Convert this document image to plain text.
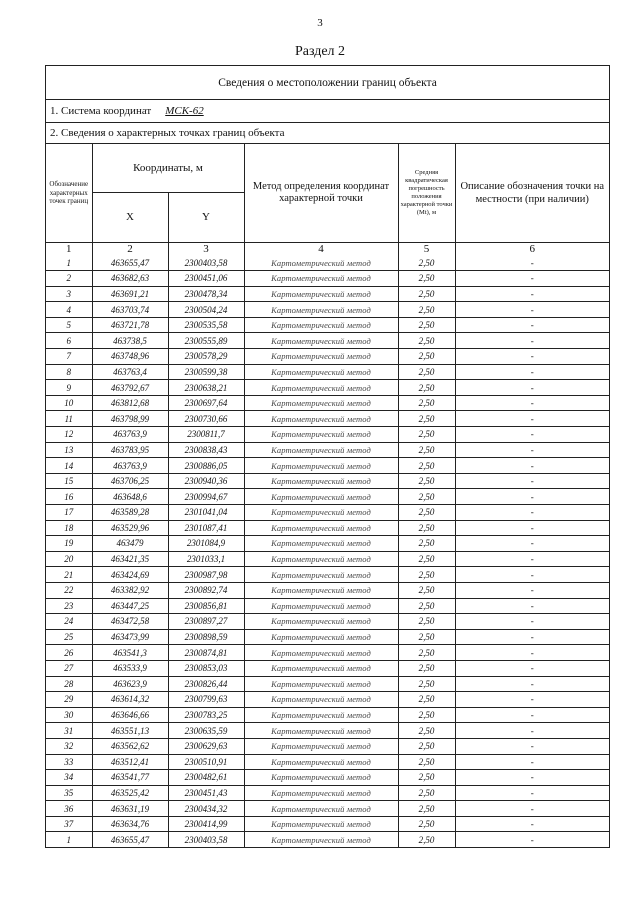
3
Раздел 2
Сведения о местоположении границ объекта
1. Система координат МСК-62
2. Сведения о характерных точках границ объекта
Обозначение характерных точек границ	Координаты, м		Метод определения координат характерной точки	Средняя квадратическая погрешность положения характерной точки (Mt), м	Описание обозначения точки на местности (при наличии)
	X	Y			
1	2	3	4	5	6
1	463655,47	2300403,58	Картометрический метод	2,50	-
2	463682,63	2300451,06	Картометрический метод	2,50	-
3	463691,21	2300478,34	Картометрический метод	2,50	-
4	463703,74	2300504,24	Картометрический метод	2,50	-
5	463721,78	2300535,58	Картометрический метод	2,50	-
6	463738,5	2300555,89	Картометрический метод	2,50	-
7	463748,96	2300578,29	Картометрический метод	2,50	-
8	463763,4	2300599,38	Картометрический метод	2,50	-
9	463792,67	2300638,21	Картометрический метод	2,50	-
10	463812,68	2300697,64	Картометрический метод	2,50	-
11	463798,99	2300730,66	Картометрический метод	2,50	-
12	463763,9	2300811,7	Картометрический метод	2,50	-
13	463783,95	2300838,43	Картометрический метод	2,50	-
14	463763,9	2300886,05	Картометрический метод	2,50	-
15	463706,25	2300940,36	Картометрический метод	2,50	-
16	463648,6	2300994,67	Картометрический метод	2,50	-
17	463589,28	2301041,04	Картометрический метод	2,50	-
18	463529,96	2301087,41	Картометрический метод	2,50	-
19	463479	2301084,9	Картометрический метод	2,50	-
20	463421,35	2301033,1	Картометрический метод	2,50	-
21	463424,69	2300987,98	Картометрический метод	2,50	-
22	463382,92	2300892,74	Картометрический метод	2,50	-
23	463447,25	2300856,81	Картометрический метод	2,50	-
24	463472,58	2300897,27	Картометрический метод	2,50	-
25	463473,99	2300898,59	Картометрический метод	2,50	-
26	463541,3	2300874,81	Картометрический метод	2,50	-
27	463533,9	2300853,03	Картометрический метод	2,50	-
28	463623,9	2300826,44	Картометрический метод	2,50	-
29	463614,32	2300799,63	Картометрический метод	2,50	-
30	463646,66	2300783,25	Картометрический метод	2,50	-
31	463551,13	2300635,59	Картометрический метод	2,50	-
32	463562,62	2300629,63	Картометрический метод	2,50	-
33	463512,41	2300510,91	Картометрический метод	2,50	-
34	463541,77	2300482,61	Картометрический метод	2,50	-
35	463525,42	2300451,43	Картометрический метод	2,50	-
36	463631,19	2300434,32	Картометрический метод	2,50	-
37	463634,76	2300414,99	Картометрический метод	2,50	-
1	463655,47	2300403,58	Картометрический метод	2,50	-
